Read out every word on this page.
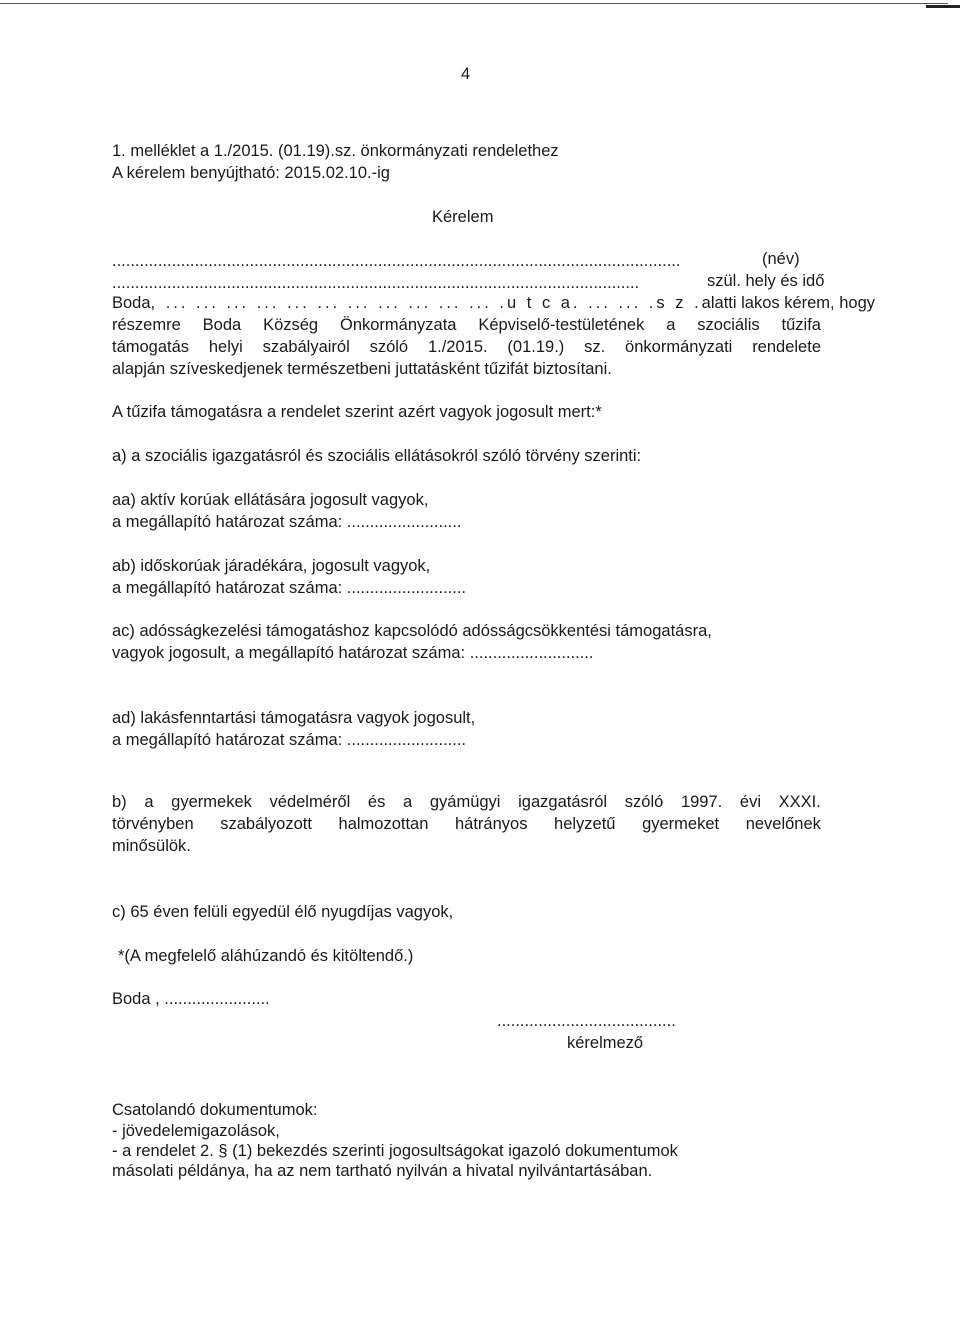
4
1. melléklet a 1./2015. (01.19).sz. önkormányzati rendelethez
A kérelem benyújtható: 2015.02.10.-ig
Kérelem
............................................................................................................................	(név)
...................................................................................................................	szül. hely és idő
Boda , ... ... ... ... ... ... ... ... ... ... ... . u t c a . ... ... . s z . alatti lakos kérem, hogy
részemre Boda Község Önkormányzata Képviselő-testületének a szociális tűzifa
támogatás helyi szabályairól szóló 1./2015. (01.19.) sz. önkormányzati rendelete
alapján szíveskedjenek természetbeni juttatásként tűzifát biztosítani.
A tűzifa támogatásra a rendelet szerint azért vagyok jogosult mert:*
a) a szociális igazgatásról és szociális ellátásokról szóló törvény szerinti:
aa) aktív korúak ellátására jogosult vagyok,
a megállapító határozat száma: .........................
ab) időskorúak járadékára, jogosult vagyok,
a megállapító határozat száma: ..........................
ac) adósságkezelési támogatáshoz kapcsolódó adósságcsökkentési támogatásra,
vagyok jogosult, a megállapító határozat száma: ...........................
ad) lakásfenntartási támogatásra vagyok jogosult,
a megállapító határozat száma: ..........................
b) a gyermekek védelméről és a gyámügyi igazgatásról szóló 1997. évi XXXI.
törvényben szabályozott halmozottan hátrányos helyzetű gyermeket nevelőnek
minősülök.
c) 65 éven felüli egyedül élő nyugdíjas vagyok,
*(A megfelelő aláhúzandó és kitöltendő.)
Boda , .......................
.......................................
kérelmező
Csatolandó dokumentumok:
- jövedelemigazolások,
- a rendelet 2. § (1) bekezdés szerinti jogosultságokat igazoló dokumentumok
másolati példánya, ha az nem tartható nyilván a hivatal nyilvántartásában.
